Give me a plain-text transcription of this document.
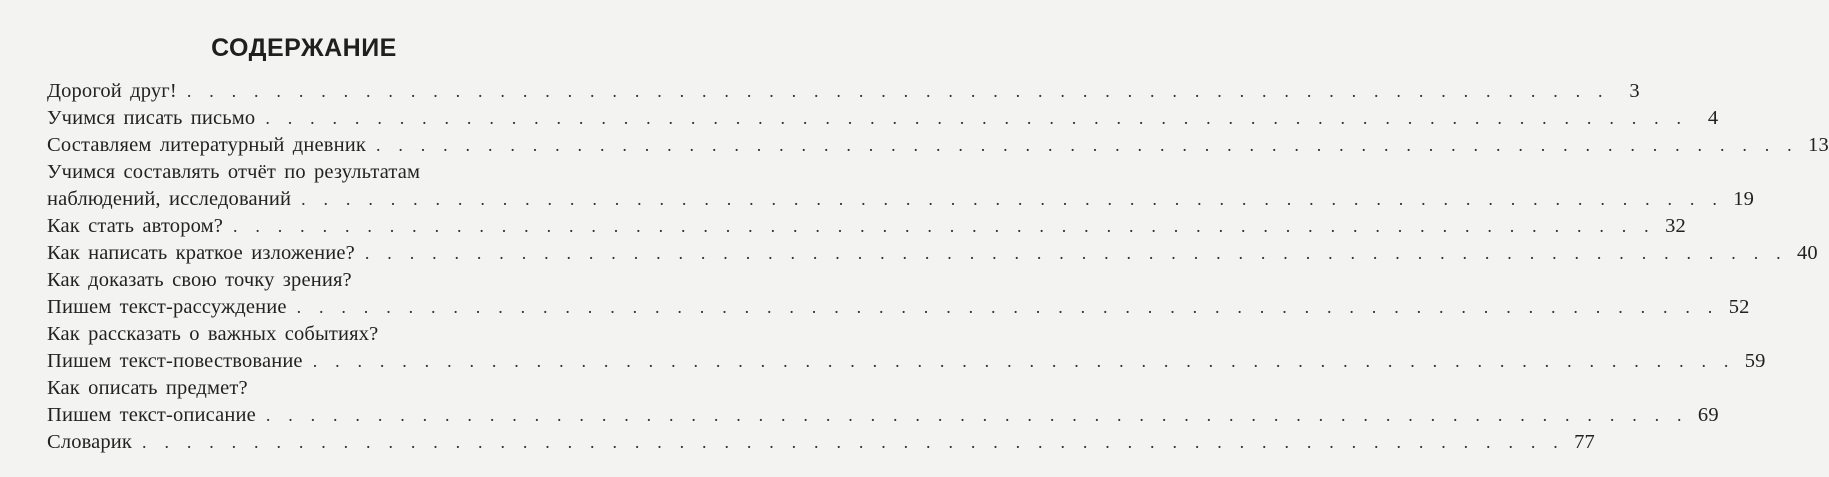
СОДЕРЖАНИЕ
Дорогой друг! . . . . . . . . . . . . . . . . . . . . . . . . . . . . . . . . . . . . . . . . . . . . . . . . . . . . . . . . . . . . . . . .	3
Учимся писать письмо . . . . . . . . . . . . . . . . . . . . . . . . . . . . . . . . . . . . . . . . . . . . . . . . . . . . . . . . . . . . . . . .	4
Составляем литературный дневник . . . . . . . . . . . . . . . . . . . . . . . . . . . . . . . . . . . . . . . . . . . . . . . . . . . . . . . . . . . . . . . . 13
Учимся составлять отчёт по результатам
наблюдений, исследований . . . . . . . . . . . . . . . . . . . . . . . . . . . . . . . . . . . . . . . . . . . . . . . . . . . . . . . . . . . . . . . . 19
Как стать автором? . . . . . . . . . . . . . . . . . . . . . . . . . . . . . . . . . . . . . . . . . . . . . . . . . . . . . . . . . . . . . . . . 32
Как написать краткое изложение? . . . . . . . . . . . . . . . . . . . . . . . . . . . . . . . . . . . . . . . . . . . . . . . . . . . . . . . . . . . . . . . . 40
Как доказать свою точку зрения?
Пишем текст-рассуждение . . . . . . . . . . . . . . . . . . . . . . . . . . . . . . . . . . . . . . . . . . . . . . . . . . . . . . . . . . . . . . . . 52
Как рассказать о важных событиях?
Пишем текст-повествование . . . . . . . . . . . . . . . . . . . . . . . . . . . . . . . . . . . . . . . . . . . . . . . . . . . . . . . . . . . . . . . . 59
Как описать предмет?
Пишем текст-описание . . . . . . . . . . . . . . . . . . . . . . . . . . . . . . . . . . . . . . . . . . . . . . . . . . . . . . . . . . . . . . . . 69
Словарик . . . . . . . . . . . . . . . . . . . . . . . . . . . . . . . . . . . . . . . . . . . . . . . . . . . . . . . . . . . . . . . . 77
